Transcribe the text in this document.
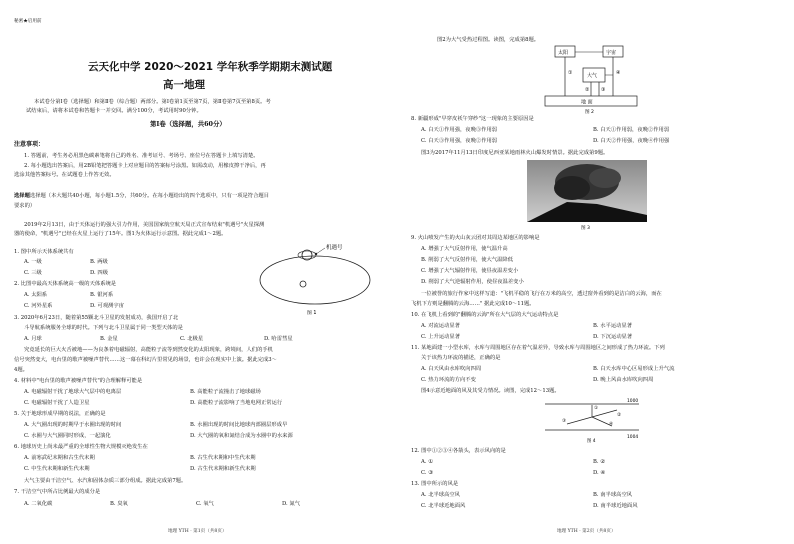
秘密★启用前
云天化中学 2020～2021 学年秋季学期期末测试题
高一地理
本试卷分第Ⅰ卷（选择题）和第Ⅱ卷（综合题）两部分。第Ⅰ卷第1页至第7页，第Ⅱ卷第7页至第8页。考
试结束后，请将本试卷和答题卡一并交回。满分100分，考试用时90分钟。
第Ⅰ卷（选择题，共60分）
注意事项：
1. 答题前，考生务必用黑色碳素笔将自己的姓名、准考证号、考场号、座位号在答题卡上填写清楚。
2. 每小题选出答案后，用2B铅笔把答题卡上对应题目的答案标号涂黑。如需改动，用橡皮擦干净后，再
选涂其他答案标号。在试题卷上作答无效。
选择题选择题（本大题共40小题，每小题1.5分，共60分。在每小题给出的四个选项中，只有一项是符合题目
要求的）
2019年2月13日，由于天体运行的强大引力作用，美国国家航空航天局正式宣布结束"机遇号"火星探测
器的使命，"机遇号"已经在火星上运行了15年。图1为火体运行示意图。据此完成1～2题。
机遇号
图 1
1. 图中所示天体系统共有
A. 一级	B. 两级
C. 三级	D. 四级
2. 比图中最高天体系统高一级的天体系统是
A. 太阳系	B. 银河系
C. 河外星系	D. 可观测宇宙
3. 2020年6月23日，随着第55颗北斗卫星的发射成功，我国开启了北
斗导航系统服务全球的时代。下列与北斗卫星属于同一类型天体的是
A. 月球	B. 金星	C. 北极星	D. 哈雷彗星
究竟延长的巨大火舌被地——为良条着电磁辐射，高能粒子流等到然变化的太阳现象，跨境间，人们的手机
信号突然变大，电台里的歌声被噪声替代……这一幕在科幻片里常见的场景，也许会在现实中上演。据此完成3～
4题。
4. 材料中"电台里的歌声被噪声替代"的合理解释可能是
A. 电磁辐射干扰了地球大气层中的电离层	B. 高能粒子流撞击了地球磁场
C. 电磁辐射干扰了人造卫星	D. 高能粒子流影响了当地电网正常运行
5. 关于地球形成早期的说法，正确的是
A. 大气圈出现的时期早于水圈出现的时间	B. 水圈出现的时间比地球内部圈层形成早
C. 水圈与大气圈同时形成，一起演化	D. 大气圈的氧和氮结合成为水圈中的水来源
6. 地球历史上尚未最严重的全球性生物大规模灭绝发生在
A. 前寒武纪末期和古生代末期	B. 古生代末期和中生代末期
C. 中生代末期和新生代末期	D. 古生代末期和新生代末期
大气主要由干洁空气、水汽和固体杂质三部分组成。据此完成第7题。
7. 干洁空气中所占比例最大的成分是
A. 二氧化碳	B. 臭氧	C. 氧气	D. 氮气
地理 YTH · 第1页（共8页）
图2为大气受热过程图。读图，完成第8题。
太阳	宇宙
大气
地 面
①
② ③
④
图 2
8. 新疆形成"早穿皮袄午穿纱"这一现象的主要原因是
A. 白天①作用强，夜晚③作用弱	B. 白天①作用弱，夜晚②作用弱
C. 白天③作用强，夜晚②作用弱	D. 白天②作用强，夜晚④作用强
图3为2017年11月13日印度尼西亚某地雨林火山爆发时情景。据此完成第9题。
图 3
9. 火山喷发产生的火山灰云团对其周边某地区的影响是
A. 增强了大气反射作用，使气温升高
B. 削弱了大气反射作用，使大气温降低
C. 增强了大气辐射作用，使昼夜温差变小
D. 削弱了大气逆辐射作用，使昼夜温差变小
一位被誉的旅行作家中这样写道："飞机平稳的飞行在万米的高空，透过窗外看到的是洁白的云海，而在
飞机下方则是翻腾的云海……" 据此完成10～11题。
10. 在飞机上看到的"翻腾的云海"所在大气层的大气运动特点是
A. 对流运动显著	B. 水平运动显著
C. 上升运动显著	D. 下沉运动显著
11. 某地面建一小型水库，水库与周围地区存在着气温差异，导致水库与周围地区之间形成了热力环流。下列
关于该热力环流的描述，正确的是
A. 白天风由水库吹向四周	B. 白天水库中心区易形成上升气流
C. 热力环流的方向不变	D. 晚上风由水库吹向四周
图4示意近地面的风及其受力情况。读图，完成12～13题。
1000
1004
①
②
③
④
图 4
12. 图中①②③④各箭头，表示风向的是
A. ①	B. ②
C. ③	D. ④
13. 图中所示的风是
A. 北半球高空风	B. 南半球高空风
C. 北半球近地面风	D. 南半球近地面风
地理 YTH · 第2页（共8页）
